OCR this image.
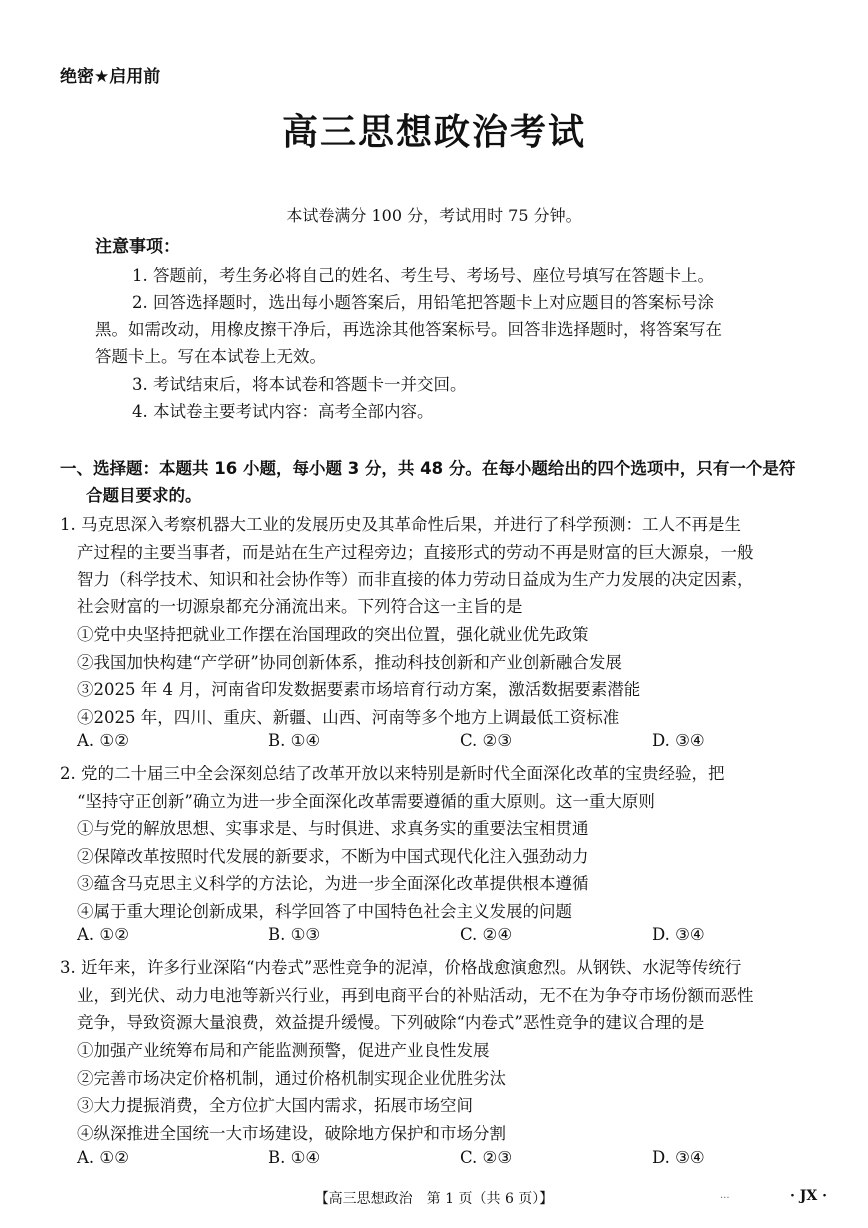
绝密★启用前
高三思想政治考试
本试卷满分 100 分，考试用时 75 分钟。
注意事项：
1. 答题前，考生务必将自己的姓名、考生号、考场号、座位号填写在答题卡上。
2. 回答选择题时，选出每小题答案后，用铅笔把答题卡上对应题目的答案标号涂
黑。如需改动，用橡皮擦干净后，再选涂其他答案标号。回答非选择题时，将答案写在
答题卡上。写在本试卷上无效。
3. 考试结束后，将本试卷和答题卡一并交回。
4. 本试卷主要考试内容：高考全部内容。
一、选择题：本题共 16 小题，每小题 3 分，共 48 分。在每小题给出的四个选项中，只有一个是符
合题目要求的。
1. 马克思深入考察机器大工业的发展历史及其革命性后果，并进行了科学预测：工人不再是生
产过程的主要当事者，而是站在生产过程旁边；直接形式的劳动不再是财富的巨大源泉，一般
智力（科学技术、知识和社会协作等）而非直接的体力劳动日益成为生产力发展的决定因素，
社会财富的一切源泉都充分涌流出来。下列符合这一主旨的是
①党中央坚持把就业工作摆在治国理政的突出位置，强化就业优先政策
②我国加快构建“产学研”协同创新体系，推动科技创新和产业创新融合发展
③2025 年 4 月，河南省印发数据要素市场培育行动方案，激活数据要素潜能
④2025 年，四川、重庆、新疆、山西、河南等多个地方上调最低工资标准
A. ①②	B. ①④	C. ②③	D. ③④
2. 党的二十届三中全会深刻总结了改革开放以来特别是新时代全面深化改革的宝贵经验，把
“坚持守正创新”确立为进一步全面深化改革需要遵循的重大原则。这一重大原则
①与党的解放思想、实事求是、与时俱进、求真务实的重要法宝相贯通
②保障改革按照时代发展的新要求，不断为中国式现代化注入强劲动力
③蕴含马克思主义科学的方法论，为进一步全面深化改革提供根本遵循
④属于重大理论创新成果，科学回答了中国特色社会主义发展的问题
A. ①②	B. ①③	C. ②④	D. ③④
3. 近年来，许多行业深陷“内卷式”恶性竞争的泥淖，价格战愈演愈烈。从钢铁、水泥等传统行
业，到光伏、动力电池等新兴行业，再到电商平台的补贴活动，无不在为争夺市场份额而恶性
竞争，导致资源大量浪费，效益提升缓慢。下列破除“内卷式”恶性竞争的建议合理的是
①加强产业统筹布局和产能监测预警，促进产业良性发展
②完善市场决定价格机制，通过价格机制实现企业优胜劣汰
③大力提振消费，全方位扩大国内需求，拓展市场空间
④纵深推进全国统一大市场建设，破除地方保护和市场分割
A. ①②	B. ①④	C. ②③	D. ③④
【高三思想政治　第 1 页（共 6 页）】	...	· JX ·
